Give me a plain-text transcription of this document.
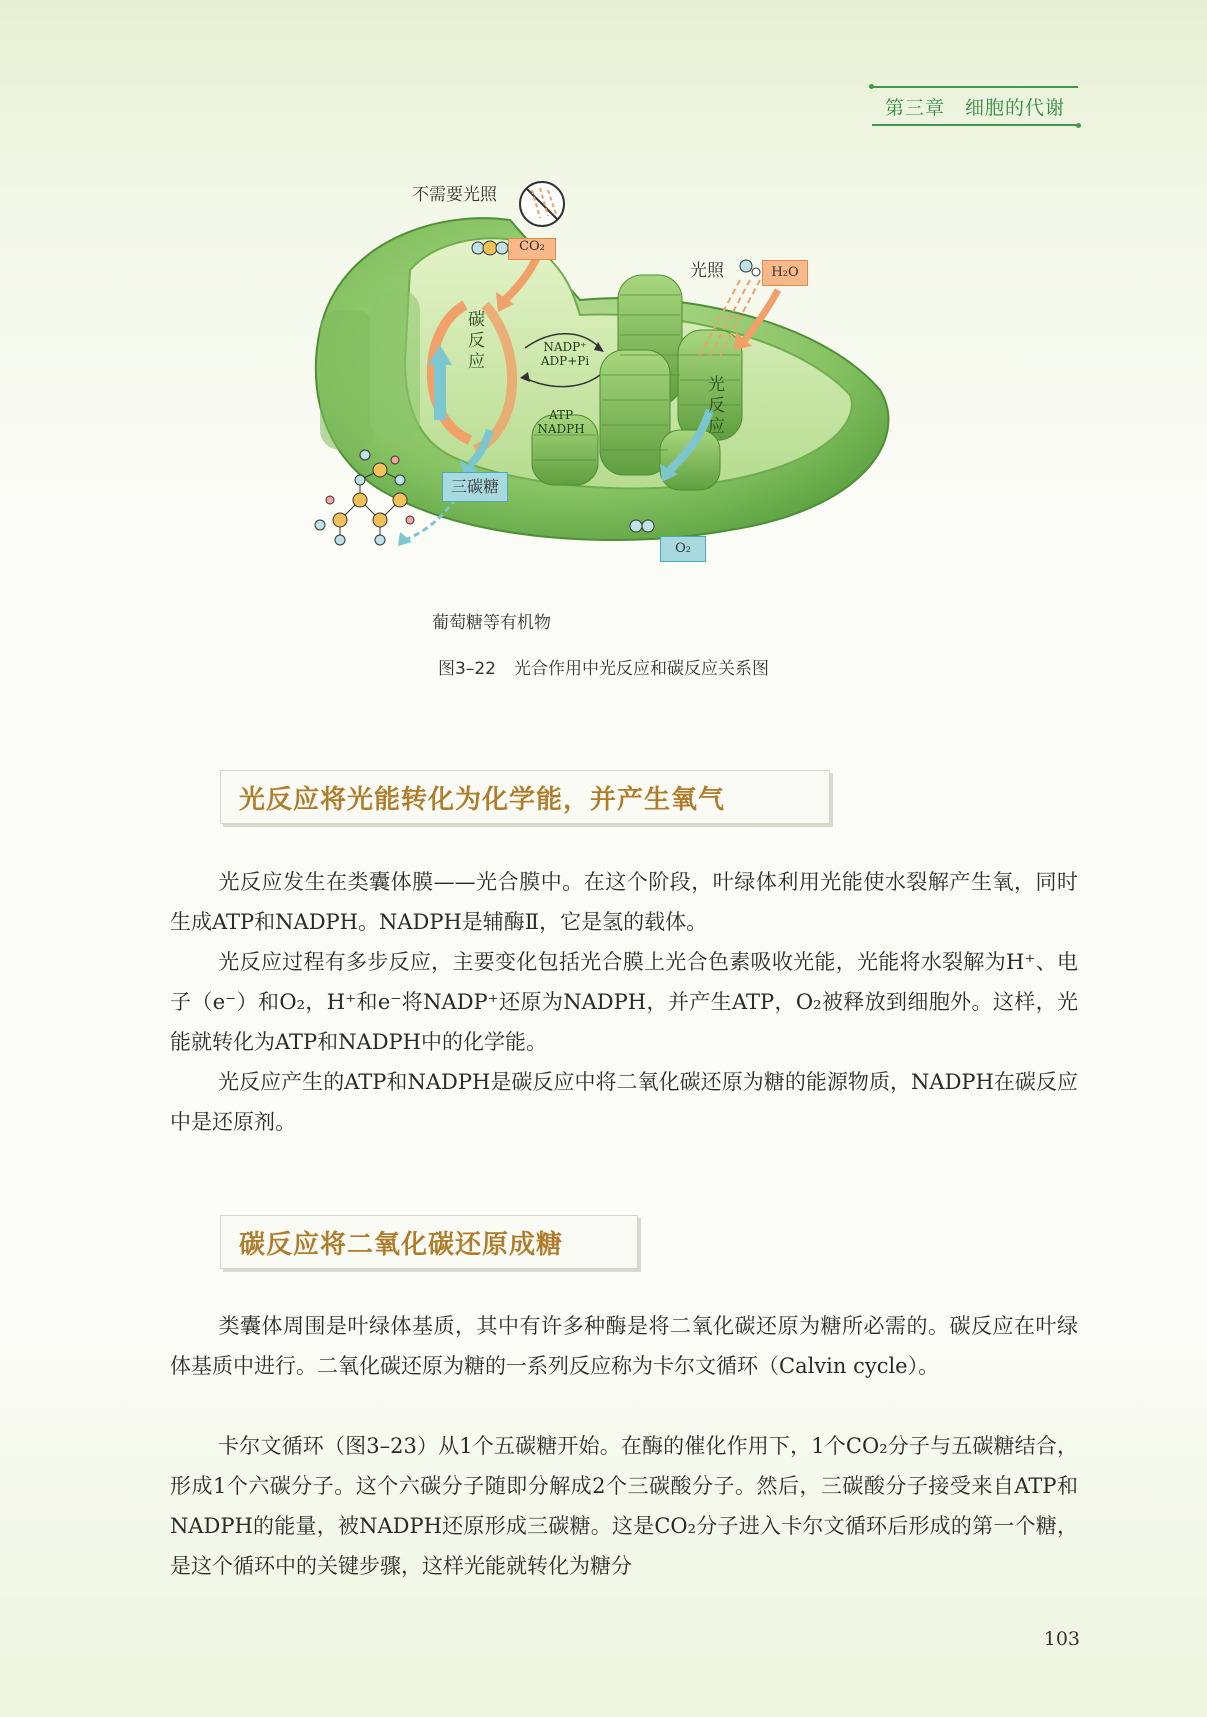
第三章 细胞的代谢
不需要光照
CO₂
光照	H₂O
碳反应
光反应
NADP⁺
ADP+Pi
ATP
NADPH
三碳糖
O₂
葡萄糖等有机物
图3–22 光合作用中光反应和碳反应关系图
光反应将光能转化为化学能，并产生氧气

光反应发生在类囊体膜——光合膜中。在这个阶段，叶绿体利用光能使水裂解产生氧，同时生成ATP和NADPH。NADPH是辅酶Ⅱ，它是氢的载体。

光反应过程有多步反应，主要变化包括光合膜上光合色素吸收光能，光能将水裂解为H⁺、电子（e⁻）和O₂，H⁺和e⁻将NADP⁺还原为NADPH，并产生ATP，O₂被释放到细胞外。这样，光能就转化为ATP和NADPH中的化学能。

光反应产生的ATP和NADPH是碳反应中将二氧化碳还原为糖的能源物质，NADPH在碳反应中是还原剂。

碳反应将二氧化碳还原成糖

类囊体周围是叶绿体基质，其中有许多种酶是将二氧化碳还原为糖所必需的。碳反应在叶绿体基质中进行。二氧化碳还原为糖的一系列反应称为卡尔文循环（Calvin cycle）。

卡尔文循环（图3–23）从1个五碳糖开始。在酶的催化作用下，1个CO₂分子与五碳糖结合，形成1个六碳分子。这个六碳分子随即分解成2个三碳酸分子。然后，三碳酸分子接受来自ATP和NADPH的能量，被NADPH还原形成三碳糖。这是CO₂分子进入卡尔文循环后形成的第一个糖，是这个循环中的关键步骤，这样光能就转化为糖分

103
